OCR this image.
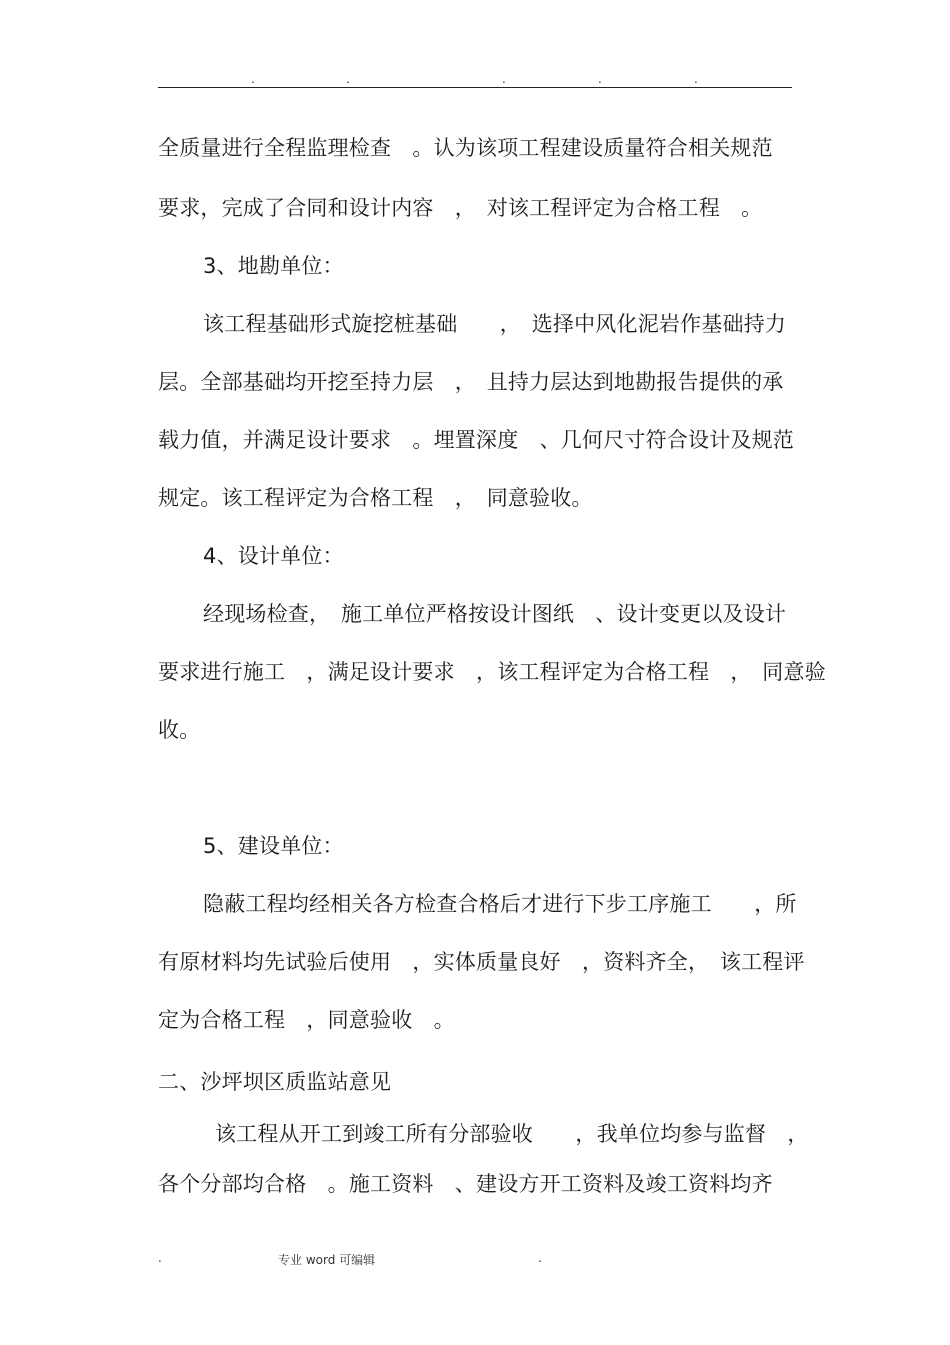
.	.	.	.	.
全质量进行全程监理检查　。认为该项工程建设质量符合相关规范
要求，完成了合同和设计内容　，　对该工程评定为合格工程　。
3、地勘单位：
该工程基础形式旋挖桩基础　　，　选择中风化泥岩作基础持力
层。全部基础均开挖至持力层　，　且持力层达到地勘报告提供的承
载力值，并满足设计要求　。埋置深度　、几何尺寸符合设计及规范
规定。该工程评定为合格工程　，　同意验收。
4、设计单位：
经现场检查，　施工单位严格按设计图纸　、设计变更以及设计
要求进行施工　，满足设计要求　，该工程评定为合格工程　，　同意验
收。
5、建设单位：
隐蔽工程均经相关各方检查合格后才进行下步工序施工　　，所
有原材料均先试验后使用　，实体质量良好　，资料齐全，　该工程评
定为合格工程　，同意验收　。
二、沙坪坝区质监站意见
该工程从开工到竣工所有分部验收　　，我单位均参与监督　，
各个分部均合格　。施工资料　、建设方开工资料及竣工资料均齐
.	专业 word 可编辑	.
